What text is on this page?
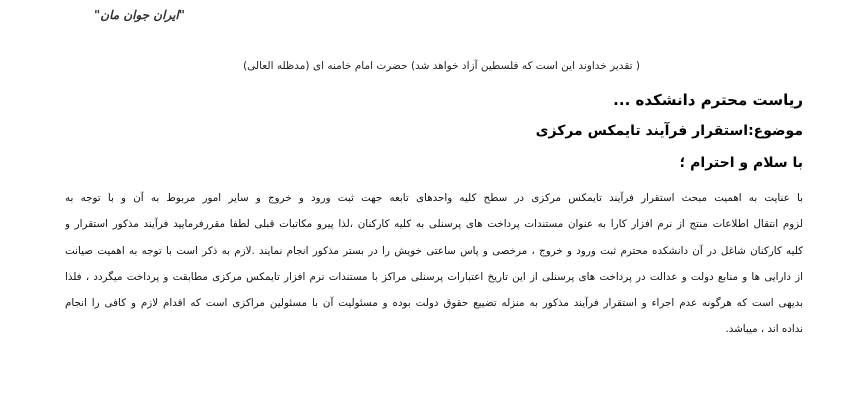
"ایران جوان مان"
( تقدیر خداوند این است که فلسطین آزاد خواهد شد) حضرت امام خامنه ای (مدظله العالی)
ریاست محترم دانشکده ...
موضوع:استقرار فرآیند تایمکس مرکزی
با سلام و احترام ؛
با عنایت به اهمیت مبحث استقرار فرآیند تایمکس مرکزی در سطح کلیه واحدهای تابعه جهت ثبت ورود و خروج و سایر امور مربوط به آن و با توجه به
لزوم انتقال اطلاعات منتج از نرم افزار کارا به عنوان مستندات پرداخت های پرسنلی به کلیه کارکنان ،لذا پیرو مکاتبات قبلی لطفا مقررفرمایید فرآیند مذکور استقرار و
کلیه کارکنان شاغل در آن دانشکده محترم ثبت ورود و خروج ، مرخصی و پاس ساعتی خویش را در بستر مذکور انجام نمایند .لازم به ذکر است با توجه به اهمیت صیانت
از دارایی ها و منابع دولت و عدالت در پرداخت های پرسنلی از این تاریخ اعتبارات پرسنلی مراکز با مستندات نرم افزار تایمکس مرکزی مطابقت و پرداخت میگردد ، فلذا
بدیهی است که هرگونه عدم اجراء و استقرار فرآیند مذکور به منزله تضییع حقوق دولت بوده و مسئولیت آن با مسئولین مراکزی است که اقدام لازم و کافی را انجام
نداده اند ، میباشد.
